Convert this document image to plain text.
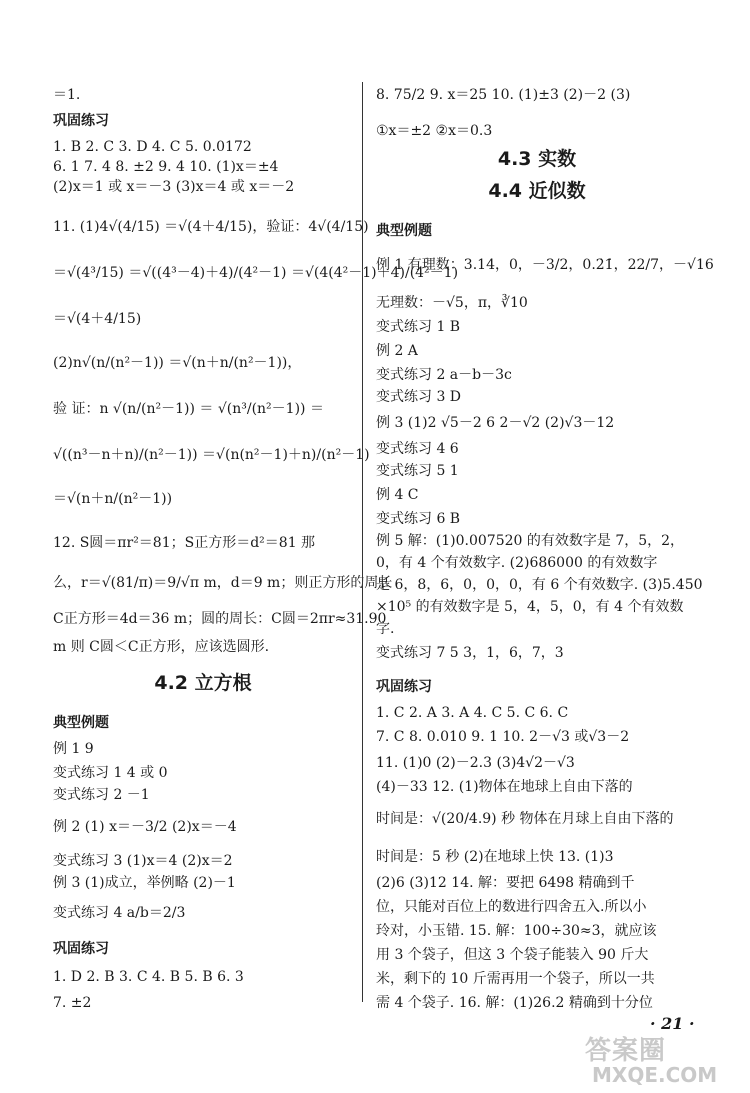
＝1.
巩固练习
1. B 2. C 3. D 4. C 5. 0.0172
6. 1 7. 4 8. ±2 9. 4 10. (1)x＝±4
(2)x＝1 或 x＝－3 (3)x＝4 或 x＝－2
11. (1)4√(4/15) ＝√(4＋4/15)，验证：4√(4/15)
＝√(4³/15) ＝√((4³－4)＋4)/(4²－1) ＝√(4(4²－1)＋4)/(4²－1)
＝√(4＋4/15)
(2)n√(n/(n²－1)) ＝√(n＋n/(n²－1))，
验 证：n √(n/(n²－1)) ＝ √(n³/(n²－1)) ＝
√((n³－n＋n)/(n²－1)) ＝√(n(n²－1)＋n)/(n²－1)
＝√(n＋n/(n²－1))
12. S圆＝πr²＝81；S正方形＝d²＝81 那
么，r＝√(81/π)＝9/√π m，d＝9 m；则正方形的周长
C正方形＝4d＝36 m；圆的周长：C圆＝2πr≈31.90
m 则 C圆＜C正方形，应该选圆形.
4.2 立方根
典型例题
例 1 9
变式练习 1 4 或 0
变式练习 2 －1
例 2 (1) x＝－3/2 (2)x＝－4
变式练习 3 (1)x＝4 (2)x＝2
例 3 (1)成立，举例略 (2)－1
变式练习 4 a/b＝2/3
巩固练习
1. D 2. B 3. C 4. B 5. B 6. 3
7. ±2
8. 75/2 9. x＝25 10. (1)±3 (2)－2 (3)
①x＝±2 ②x＝0.3
4.3 实数
4.4 近似数
典型例题
例 1 有理数：3.14，0，－3/2，0.2̇1̇，22/7，－√16
无理数：－√5，π，∛10
变式练习 1 B
例 2 A
变式练习 2 a－b－3c
变式练习 3 D
例 3 (1)2 √5－2 6 2－√2 (2)√3－12
变式练习 4 6
变式练习 5 1
例 4 C
变式练习 6 B
例 5 解：(1)0.007520 的有效数字是 7，5，2，
0，有 4 个有效数字. (2)686000 的有效数字
是 6，8，6，0，0，0，有 6 个有效数字. (3)5.450
×10⁵ 的有效数字是 5，4，5，0，有 4 个有效数
字.
变式练习 7 5 3，1，6，7，3
巩固练习
1. C 2. A 3. A 4. C 5. C 6. C
7. C 8. 0.010 9. 1 10. 2－√3 或√3－2
11. (1)0 (2)－2.3 (3)4√2－√3
(4)－33 12. (1)物体在地球上自由下落的
时间是：√(20/4.9) 秒 物体在月球上自由下落的
时间是：5 秒 (2)在地球上快 13. (1)3
(2)6 (3)12 14. 解：要把 6498 精确到千
位，只能对百位上的数进行四舍五入.所以小
玲对，小玉错. 15. 解：100÷30≈3，就应该
用 3 个袋子，但这 3 个袋子能装入 90 斤大
米，剩下的 10 斤需再用一个袋子，所以一共
需 4 个袋子. 16. 解：(1)26.2 精确到十分位
· 21 ·
答案圈
MXQE.COM
